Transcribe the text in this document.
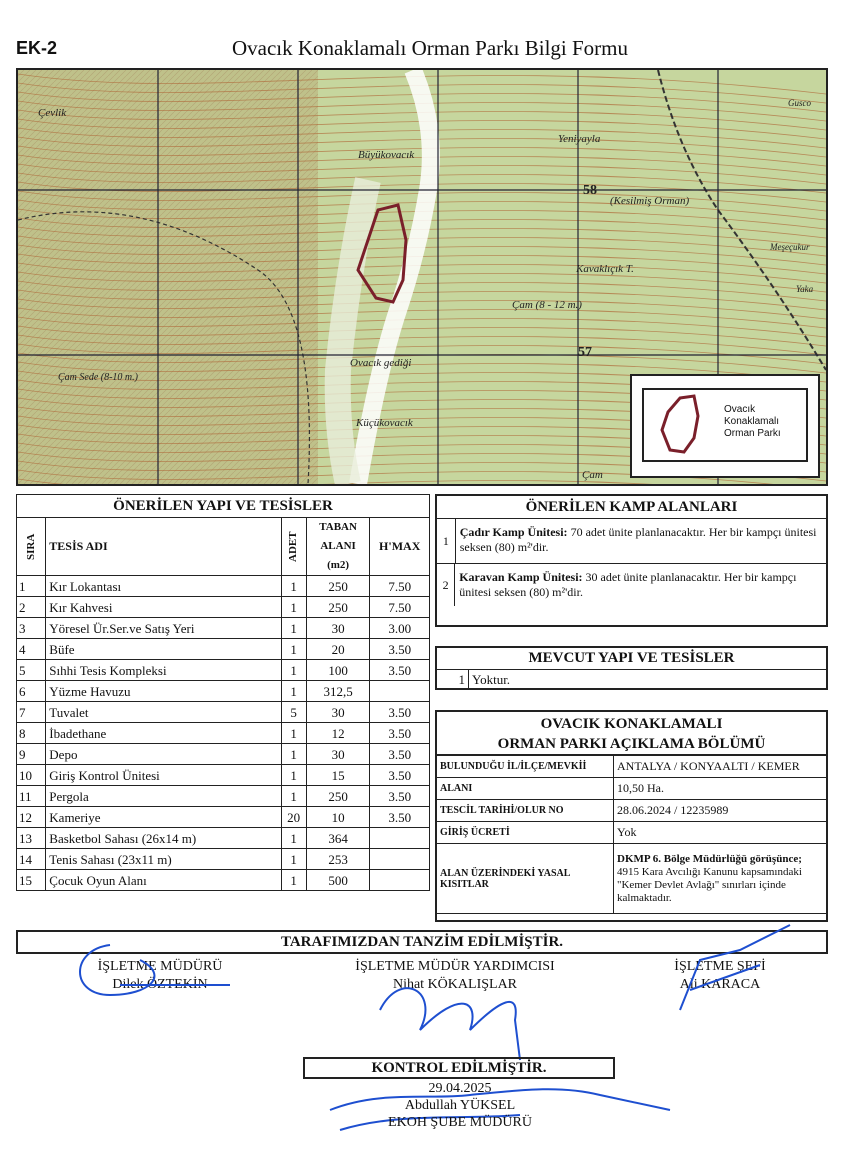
EK-2	Ovacık Konaklamalı Orman Parkı Bilgi Formu
Çevlik
Büyükovacık
Yeniyayla
58
(Kesilmiş Orman)
Kavaklıçık T.
Çam (8 - 12 m.)
57
Ovacık gediği
Küçükovacık
Gusco
Meşeçukur
Yaka
Çam Sede (8-10 m.)
Çam
Ovacık Konaklamalı Orman Parkı
ÖNERİLEN YAPI VE TESİSLER				
SIRA	TESİS ADI	ADET	TABAN ALANI (m2)	H'MAX
1	Kır Lokantası	1	250	7.50
2	Kır Kahvesi	1	250	7.50
3	Yöresel Ür.Ser.ve Satış Yeri	1	30	3.00
4	Büfe	1	20	3.50
5	Sıhhi Tesis Kompleksi	1	100	3.50
6	Yüzme Havuzu	1	312,5	
7	Tuvalet	5	30	3.50
8	İbadethane	1	12	3.50
9	Depo	1	30	3.50
10	Giriş Kontrol Ünitesi	1	15	3.50
11	Pergola	1	250	3.50
12	Kameriye	20	10	3.50
13	Basketbol Sahası (26x14 m)	1	364	
14	Tenis Sahası (23x11 m)	1	253	
15	Çocuk Oyun Alanı	1	500	
ÖNERİLEN KAMP ALANLARI
1
Çadır Kamp Ünitesi: 70 adet ünite planlanacaktır. Her bir kampçı ünitesi seksen (80) m²'dir.
2
Karavan Kamp Ünitesi: 30 adet ünite planlanacaktır. Her bir kampçı ünitesi seksen (80) m²'dir.
MEVCUT YAPI VE TESİSLER
1 Yoktur.
OVACIK KONAKLAMALI
ORMAN PARKI AÇIKLAMA BÖLÜMÜ
BULUNDUĞU İL/İLÇE/MEVKİİ	ANTALYA / KONYAALTI / KEMER
ALANI	10,50 Ha.
TESCİL TARİHİ/OLUR NO	28.06.2024 / 12235989
GİRİŞ ÜCRETİ	Yok
ALAN ÜZERİNDEKİ YASAL KISITLAR	DKMP 6. Bölge Müdürlüğü görüşünce; 4915 Kara Avcılığı Kanunu kapsamındaki "Kemer Devlet Avlağı" sınırları içinde kalmaktadır.
TARAFIMIZDAN TANZİM EDİLMİŞTİR.
İŞLETME MÜDÜRÜ
Dilek ÖZTEKİN
İŞLETME MÜDÜR YARDIMCISI
Nihat KÖKALIŞLAR
İŞLETME ŞEFİ
Ali KARACA
KONTROL EDİLMİŞTİR.
29.04.2025
Abdullah YÜKSEL
EKOH ŞUBE MÜDÜRÜ
